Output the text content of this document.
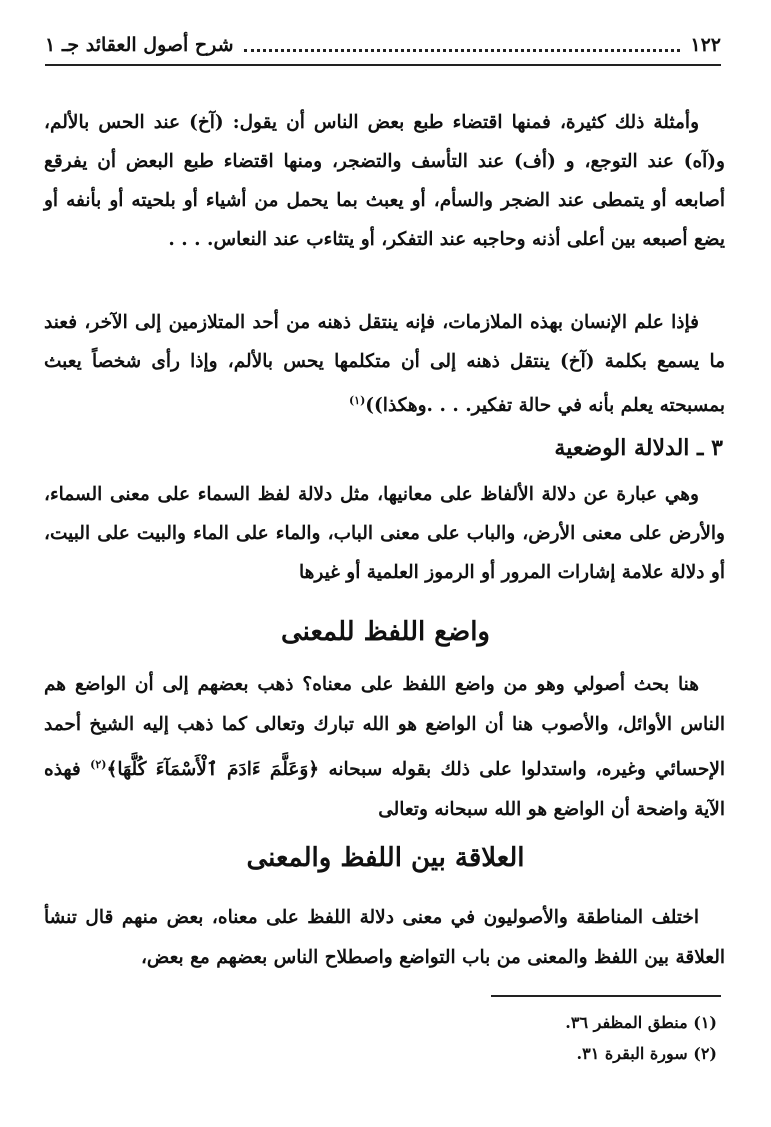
١٢٢
شرح أصول العقائد جـ ١

وأمثلة ذلك كثيرة، فمنها اقتضاء طبع بعض الناس أن يقول: (آخ) عند الحس بالألم، و(آه) عند التوجع، و (أف) عند التأسف والتضجر، ومنها اقتضاء طبع البعض أن يفرقع أصابعه أو يتمطى عند الضجر والسأم، أو يعبث بما يحمل من أشياء أو بلحيته أو بأنفه أو يضع أصبعه بين أعلى أذنه وحاجبه عند التفكر، أو يتثاءب عند النعاس. . . .

فإذا علم الإنسان بهذه الملازمات، فإنه ينتقل ذهنه من أحد المتلازمين إلى الآخر، فعند ما يسمع بكلمة (آخ) ينتقل ذهنه إلى أن متكلمها يحس بالألم، وإذا رأى شخصاً يعبث بمسبحته يعلم بأنه في حالة تفكير. . . .وهكذا))$^{(١)}$

٣ ـ الدلالة الوضعية

وهي عبارة عن دلالة الألفاظ على معانيها، مثل دلالة لفظ السماء على معنى السماء، والأرض على معنى الأرض، والباب على معنى الباب، والماء على الماء والبيت على البيت، أو دلالة علامة إشارات المرور أو الرموز العلمية أو غيرها

واضع اللفظ للمعنى

هنا بحث أصولي وهو من واضع اللفظ على معناه؟ ذهب بعضهم إلى أن الواضع هم الناس الأوائل، والأصوب هنا أن الواضع هو الله تبارك وتعالى كما ذهب إليه الشيخ أحمد الإحسائي وغيره، واستدلوا على ذلك بقوله سبحانه ﴿وَعَلَّمَ ءَادَمَ ٱلْأَسْمَآءَ كُلَّهَا﴾$^{(٢)}$ فهذه الآية واضحة أن الواضع هو الله سبحانه وتعالى

العلاقة بين اللفظ والمعنى

اختلف المناطقة والأصوليون في معنى دلالة اللفظ على معناه، بعض منهم قال تنشأ العلاقة بين اللفظ والمعنى من باب التواضع واصطلاح الناس بعضهم مع بعض،

(١) منطق المظفر ٣٦.
(٢) سورة البقرة ٣١.
